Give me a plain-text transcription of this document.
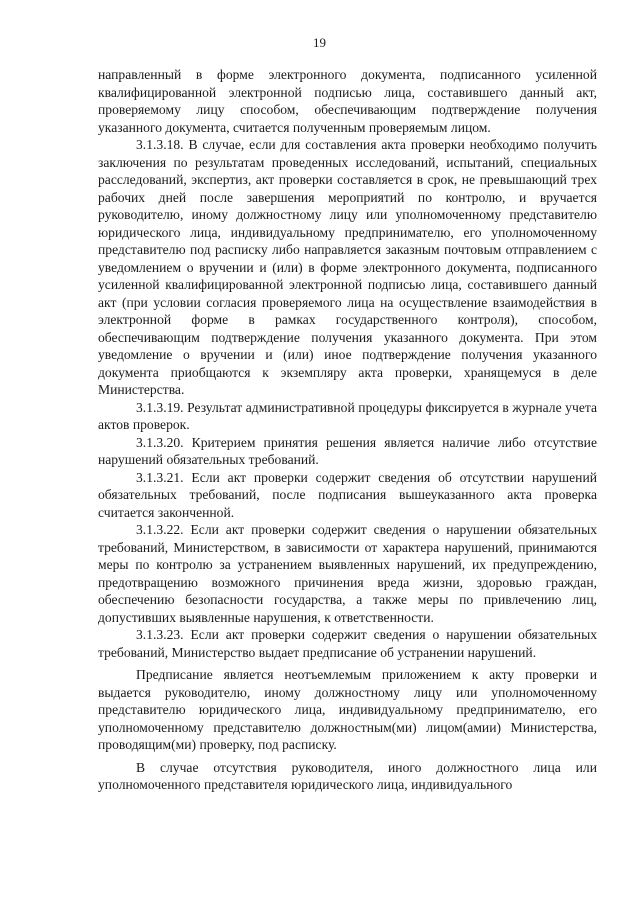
19

направленный в форме электронного документа, подписанного усиленной квалифицированной электронной подписью лица, составившего данный акт, проверяемому лицу способом, обеспечивающим подтверждение получения указанного документа, считается полученным проверяемым лицом.

3.1.3.18. В случае, если для составления акта проверки необходимо получить заключения по результатам проведенных исследований, испытаний, специальных расследований, экспертиз, акт проверки составляется в срок, не превышающий трех рабочих дней после завершения мероприятий по контролю, и вручается руководителю, иному должностному лицу или уполномоченному представителю юридического лица, индивидуальному предпринимателю, его уполномоченному представителю под расписку либо направляется заказным почтовым отправлением с уведомлением о вручении и (или) в форме электронного документа, подписанного усиленной квалифицированной электронной подписью лица, составившего данный акт (при условии согласия проверяемого лица на осуществление взаимодействия в электронной форме в рамках государственного контроля), способом, обеспечивающим подтверждение получения указанного документа. При этом уведомление о вручении и (или) иное подтверждение получения указанного документа приобщаются к экземпляру акта проверки, хранящемуся в деле Министерства.

3.1.3.19. Результат административной процедуры фиксируется в журнале учета актов проверок.

3.1.3.20. Критерием принятия решения является наличие либо отсутствие нарушений обязательных требований.

3.1.3.21. Если акт проверки содержит сведения об отсутствии нарушений обязательных требований, после подписания вышеуказанного акта проверка считается законченной.

3.1.3.22. Если акт проверки содержит сведения о нарушении обязательных требований, Министерством, в зависимости от характера нарушений, принимаются меры по контролю за устранением выявленных нарушений, их предупреждению, предотвращению возможного причинения вреда жизни, здоровью граждан, обеспечению безопасности государства, а также меры по привлечению лиц, допустивших выявленные нарушения, к ответственности.

3.1.3.23. Если акт проверки содержит сведения о нарушении обязательных требований, Министерство выдает предписание об устранении нарушений.

Предписание является неотъемлемым приложением к акту проверки и выдается руководителю, иному должностному лицу или уполномоченному представителю юридического лица, индивидуальному предпринимателю, его уполномоченному представителю должностным(ми) лицом(амии) Министерства, проводящим(ми) проверку, под расписку.

В случае отсутствия руководителя, иного должностного лица или уполномоченного представителя юридического лица, индивидуального
